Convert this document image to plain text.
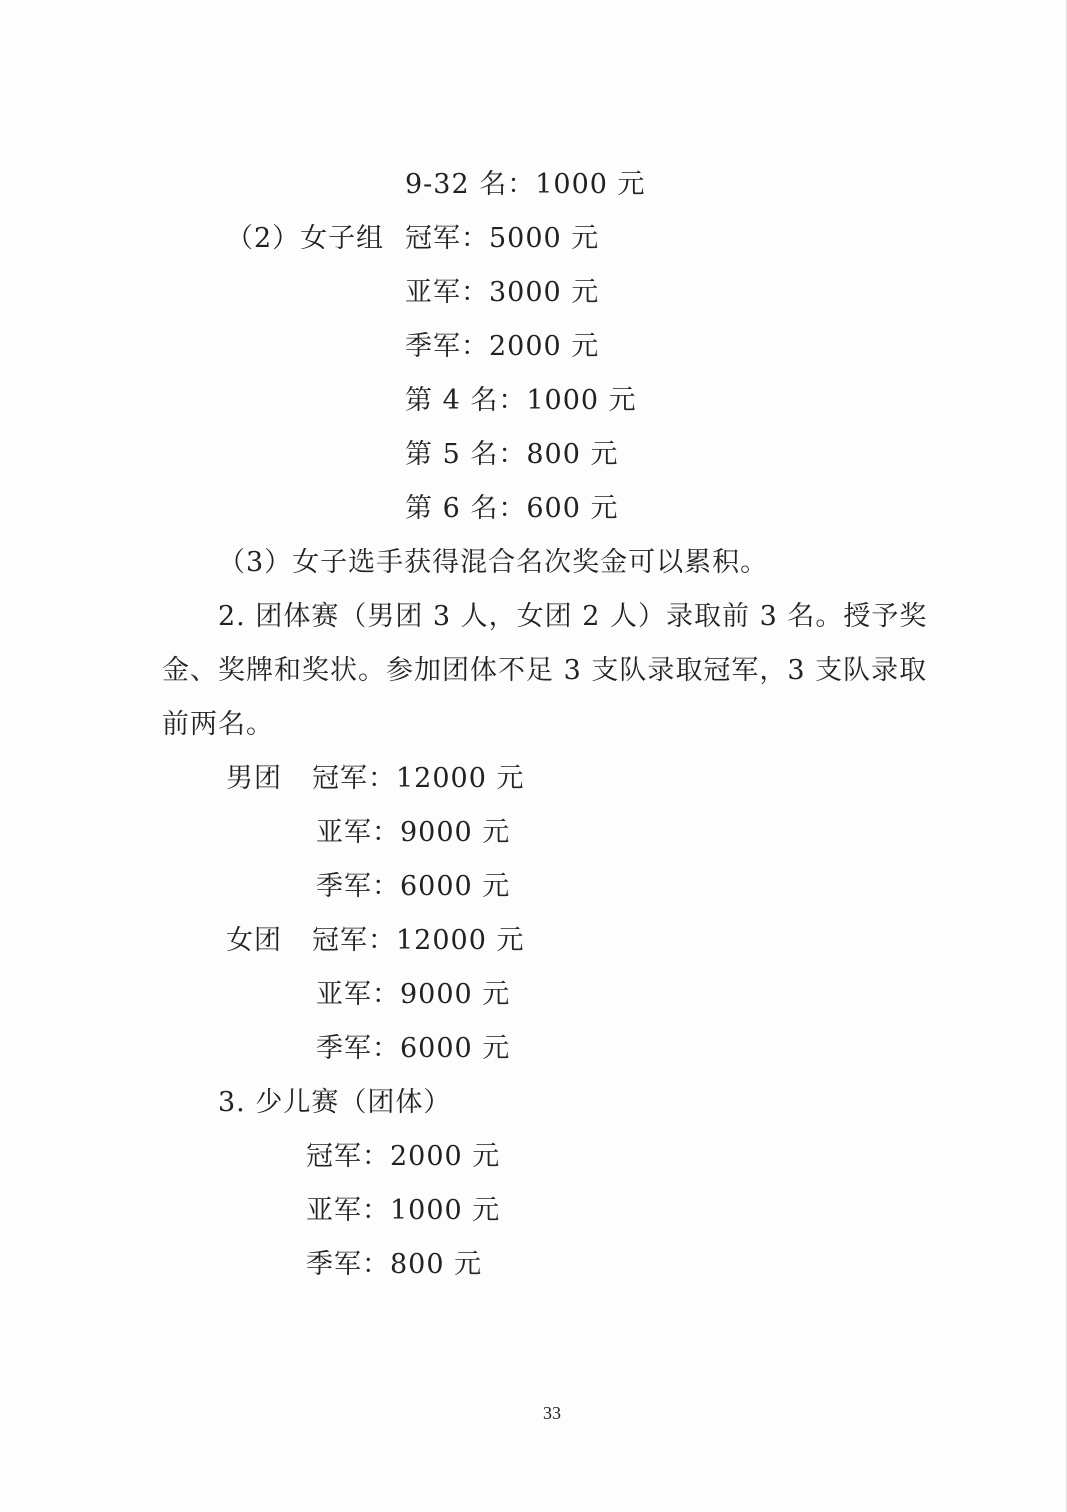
9-32 名：1000 元
（2）女子组 冠军：5000 元
亚军：3000 元
季军：2000 元
第 4 名：1000 元
第 5 名：800 元
第 6 名：600 元
（3）女子选手获得混合名次奖金可以累积。
2. 团体赛（男团 3 人，女团 2 人）录取前 3 名。授予奖
金、奖牌和奖状。参加团体不足 3 支队录取冠军，3 支队录取
前两名。
男团 冠军：12000 元
亚军：9000 元
季军：6000 元
女团 冠军：12000 元
亚军：9000 元
季军：6000 元
3. 少儿赛（团体）
冠军：2000 元
亚军：1000 元
季军：800 元
33
